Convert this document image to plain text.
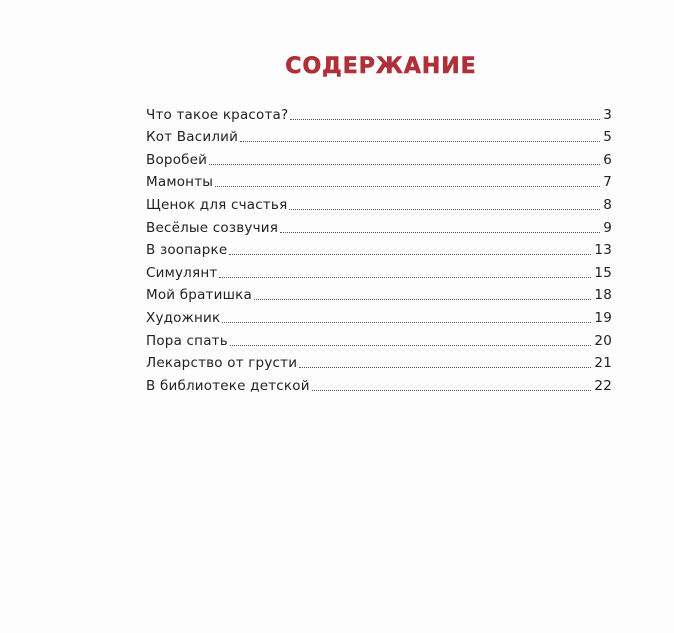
СОДЕРЖАНИЕ
Что такое красота?	3
Кот Василий	5
Воробей	6
Мамонты	7
Щенок для счастья	8
Весёлые созвучия	9
В зоопарке	13
Симулянт	15
Мой братишка	18
Художник	19
Пора спать	20
Лекарство от грусти	21
В библиотеке детской	22
